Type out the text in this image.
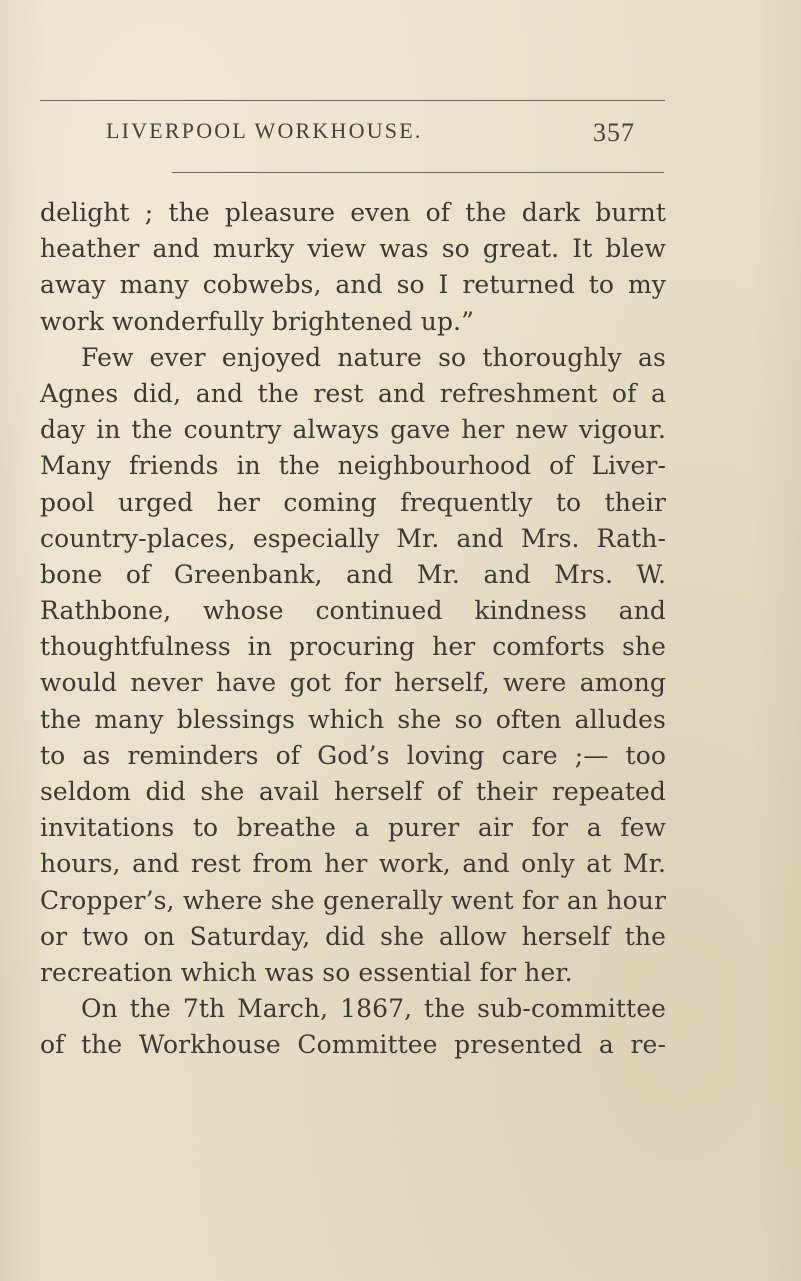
LIVERPOOL WORKHOUSE.	357
delight ; the pleasure even of the dark burnt
heather and murky view was so great. It blew
away many cobwebs, and so I returned to my
work wonderfully brightened up.”
Few ever enjoyed nature so thoroughly as
Agnes did, and the rest and refreshment of a
day in the country always gave her new vigour.
Many friends in the neighbourhood of Liver-
pool urged her coming frequently to their
country-places, especially Mr. and Mrs. Rath-
bone of Greenbank, and Mr. and Mrs. W.
Rathbone, whose continued kindness and
thoughtfulness in procuring her comforts she
would never have got for herself, were among
the many blessings which she so often alludes
to as reminders of God’s loving care ;— too
seldom did she avail herself of their repeated
invitations to breathe a purer air for a few
hours, and rest from her work, and only at Mr.
Cropper’s, where she generally went for an hour
or two on Saturday, did she allow herself the
recreation which was so essential for her.
On the 7th March, 1867, the sub-committee
of the Workhouse Committee presented a re-
